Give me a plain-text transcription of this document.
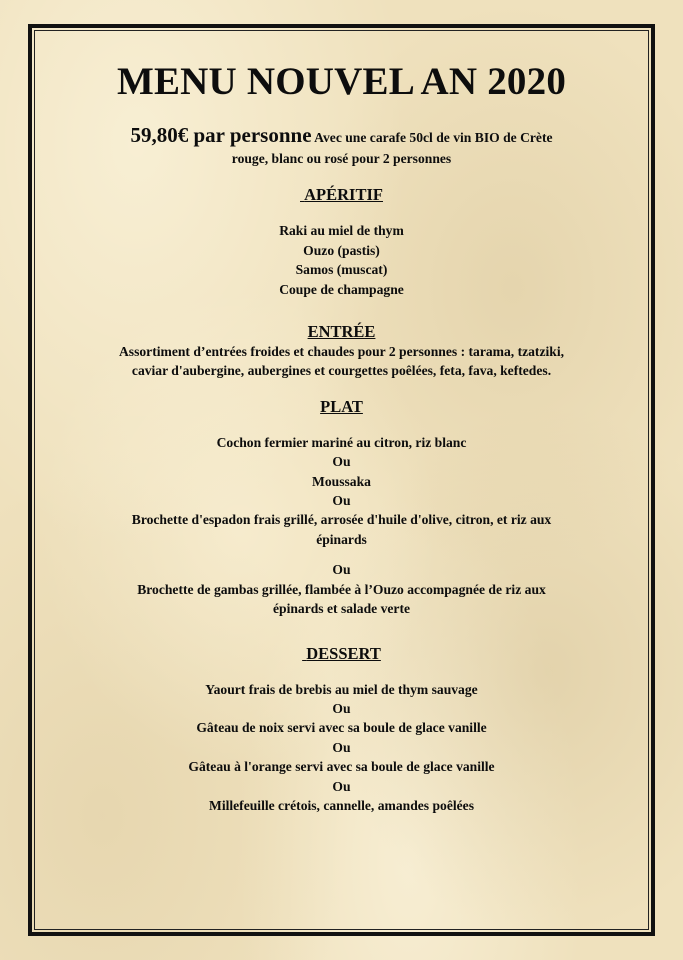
MENU NOUVEL AN 2020
59,80€ par personne Avec une carafe 50cl de vin BIO de Crète
rouge, blanc ou rosé pour 2 personnes
APÉRITIF
Raki au miel de thym
Ouzo (pastis)
Samos (muscat)
Coupe de champagne
ENTRÉE
Assortiment d’entrées froides et chaudes pour 2 personnes : tarama, tzatziki,
caviar d'aubergine, aubergines et courgettes poêlées, feta, fava, keftedes.
PLAT
Cochon fermier mariné au citron, riz blanc
Ou
Moussaka
Ou
Brochette d'espadon frais grillé, arrosée d'huile d'olive, citron, et riz aux
épinards
Ou
Brochette de gambas grillée, flambée à l’Ouzo accompagnée de riz aux
épinards et salade verte
DESSERT
Yaourt frais de brebis au miel de thym sauvage
Ou
Gâteau de noix servi avec sa boule de glace vanille
Ou
Gâteau à l'orange servi avec sa boule de glace vanille
Ou
Millefeuille crétois, cannelle, amandes poêlées
